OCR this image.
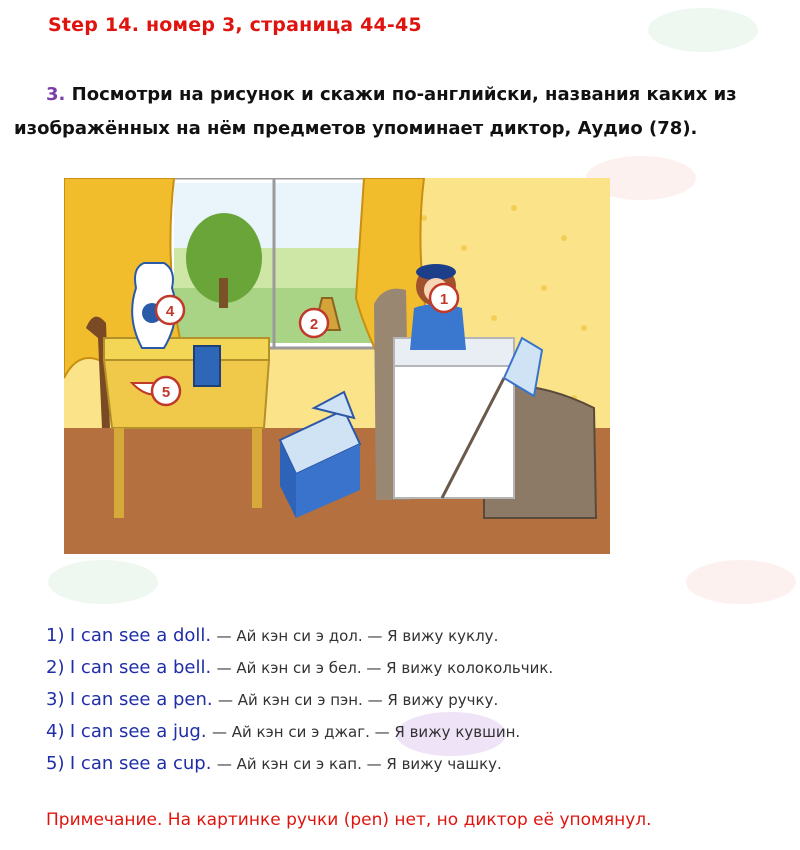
Step 14. номер 3, страница 44-45
3. Посмотри на рисунок и скажи по-английски, названия каких из изображённых на нём предметов упоминает диктор, Аудио (78).
1
2
4
5
1) I can see a doll. — Ай кэн си э дол. — Я вижу куклу.
2) I can see a bell. — Ай кэн си э бел. — Я вижу колокольчик.
3) I can see a pen. — Ай кэн си э пэн. — Я вижу ручку.
4) I can see a jug. — Ай кэн си э джаг. — Я вижу кувшин.
5) I can see a cup. — Ай кэн си э кап. — Я вижу чашку.
Примечание. На картинке ручки (pen) нет, но диктор её упомянул.
